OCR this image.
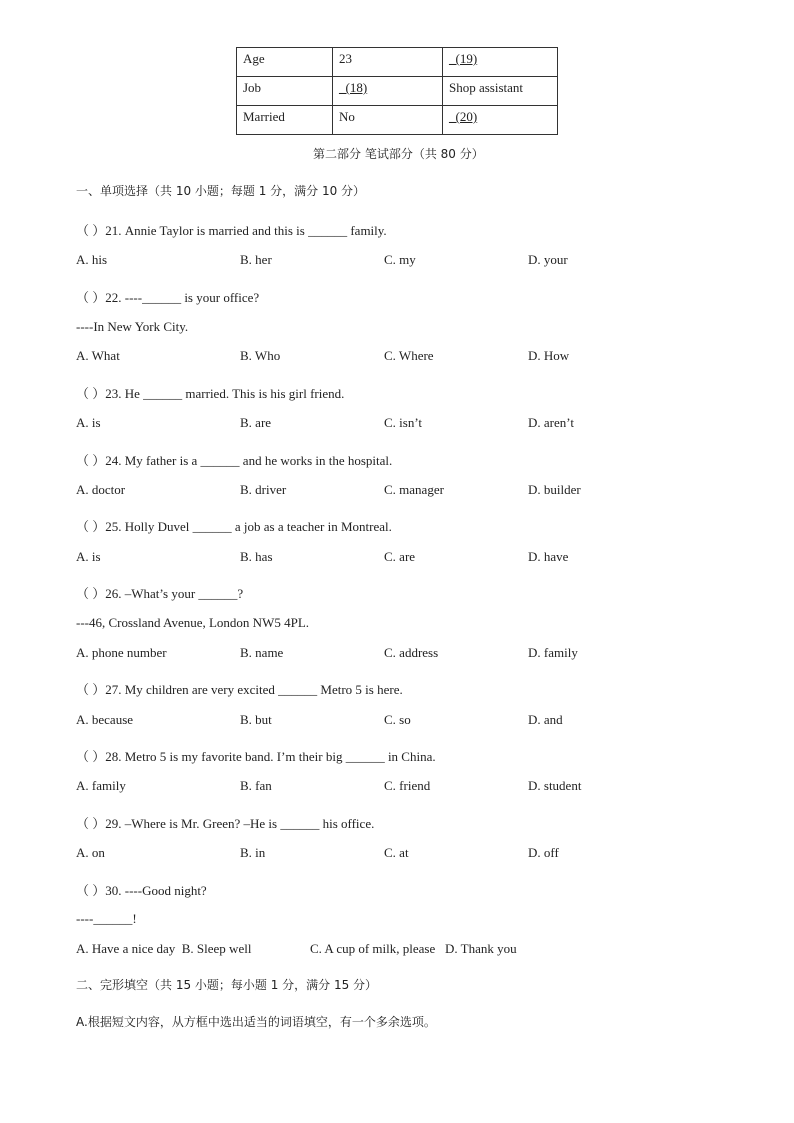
Age	23	_(19)
Job	_(18)	Shop assistant
Married	No	_(20)
第二部分 笔试部分（共 80 分）
一、单项选择（共 10 小题；每题 1 分，满分 10 分）
（ ）21. Annie Taylor is married and this is ______ family.
A. his	B. her	C. my	D. your
（ ）22. ----______ is your office?
----In New York City.
A. What	B. Who	C. Where	D. How
（ ）23. He ______ married. This is his girl friend.
A. is	B. are	C. isn’t	D. aren’t
（ ）24. My father is a ______ and he works in the hospital.
A. doctor	B. driver	C. manager	D. builder
（ ）25. Holly Duvel ______ a job as a teacher in Montreal.
A. is	B. has	C. are	D. have
（ ）26. –What’s your ______?
---46, Crossland Avenue, London NW5 4PL.
A. phone number	B. name	C. address	D. family
（ ）27. My children are very excited ______ Metro 5 is here.
A. because	B. but	C. so	D. and
（ ）28. Metro 5 is my favorite band. I’m their big ______ in China.
A. family	B. fan	C. friend	D. student
（ ）29. –Where is Mr. Green? –He is ______ his office.
A. on	B. in	C. at	D. off
（ ）30. ----Good night?
----______!
A. Have a nice day  B. Sleep well                  C. A cup of milk, please   D. Thank you
二、完形填空（共 15 小题；每小题 1 分，满分 15 分）
A.根据短文内容，从方框中选出适当的词语填空，有一个多余选项。
